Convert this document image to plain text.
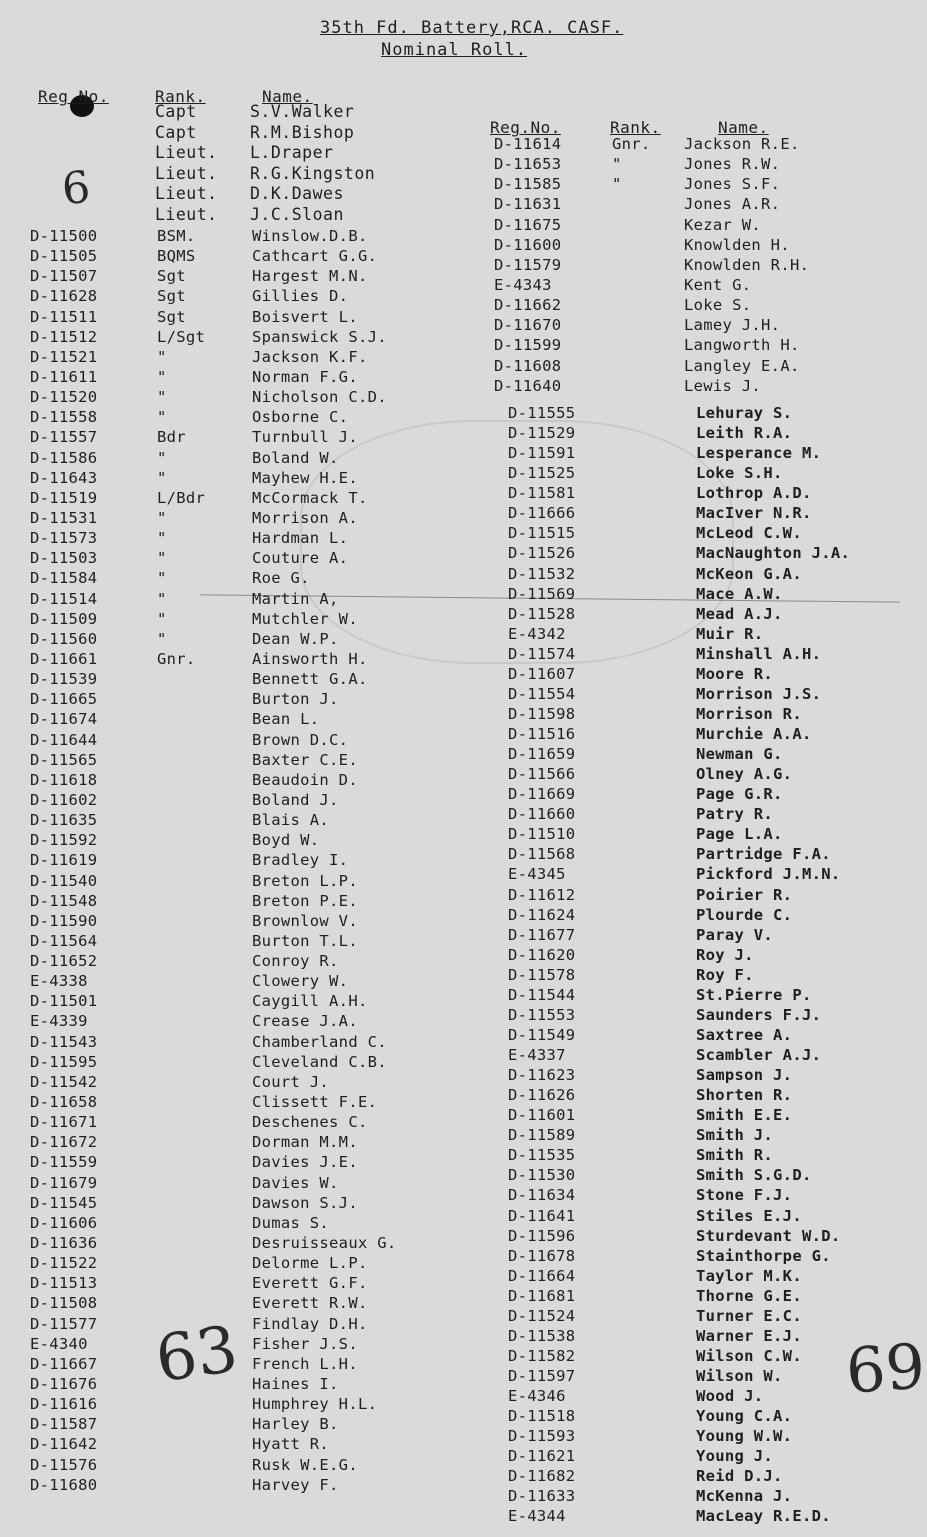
35th Fd. Battery,RCA. CASF.
Nominal Roll.
Reg.No.	Rank.	Name.
Reg.No.	Rank.	Name.
6
63	69
Capt	S.V.Walker
Capt	R.M.Bishop
Lieut. L.Draper
Lieut. R.G.Kingston
Lieut. D.K.Dawes
Lieut. J.C.Sloan
D-11500	BSM.	Winslow.D.B.
D-11505	BQMS	Cathcart G.G.
D-11507	Sgt	Hargest M.N.
D-11628	Sgt	Gillies D.
D-11511	Sgt	Boisvert L.
D-11512	L/Sgt	Spanswick S.J.
D-11521	"	Jackson K.F.
D-11611	"	Norman F.G.
D-11520	"	Nicholson C.D.
D-11558	"	Osborne C.
D-11557	Bdr	Turnbull J.
D-11586	"	Boland W.
D-11643	"	Mayhew H.E.
D-11519	L/Bdr	McCormack T.
D-11531	"	Morrison A.
D-11573	"	Hardman L.
D-11503	"	Couture A.
D-11584	"	Roe G.
D-11514	"	Martin A,
D-11509	"	Mutchler W.
D-11560	"	Dean W.P.
D-11661	Gnr.	Ainsworth H.
D-11539	Bennett G.A.
D-11665	Burton J.
D-11674	Bean L.
D-11644	Brown D.C.
D-11565	Baxter C.E.
D-11618	Beaudoin D.
D-11602	Boland J.
D-11635	Blais A.
D-11592	Boyd W.
D-11619	Bradley I.
D-11540	Breton L.P.
D-11548	Breton P.E.
D-11590	Brownlow V.
D-11564	Burton T.L.
D-11652	Conroy R.
E-4338	Clowery W.
D-11501	Caygill A.H.
E-4339	Crease J.A.
D-11543	Chamberland C.
D-11595	Cleveland C.B.
D-11542	Court J.
D-11658	Clissett F.E.
D-11671	Deschenes C.
D-11672	Dorman M.M.
D-11559	Davies J.E.
D-11679	Davies W.
D-11545	Dawson S.J.
D-11606	Dumas S.
D-11636	Desruisseaux G.
D-11522	Delorme L.P.
D-11513	Everett G.F.
D-11508	Everett R.W.
D-11577	Findlay D.H.
E-4340	Fisher J.S.
D-11667	French L.H.
D-11676	Haines I.
D-11616	Humphrey H.L.
D-11587	Harley B.
D-11642	Hyatt R.
D-11576	Rusk W.E.G.
D-11680	Harvey F.
D-11614	Gnr. Jackson R.E.
D-11653	"	Jones R.W.
D-11585	"	Jones S.F.
D-11631	Jones A.R.
D-11675	Kezar W.
D-11600	Knowlden H.
D-11579	Knowlden R.H.
E-4343	Kent G.
D-11662	Loke S.
D-11670	Lamey J.H.
D-11599	Langworth H.
D-11608	Langley E.A.
D-11640	Lewis J.
D-11555	Lehuray S.
D-11529	Leith R.A.
D-11591	Lesperance M.
D-11525	Loke S.H.
D-11581	Lothrop A.D.
D-11666	MacIver N.R.
D-11515	McLeod C.W.
D-11526	MacNaughton J.A.
D-11532	McKeon G.A.
D-11569	Mace A.W.
D-11528	Mead A.J.
E-4342	Muir R.
D-11574	Minshall A.H.
D-11607	Moore R.
D-11554	Morrison J.S.
D-11598	Morrison R.
D-11516	Murchie A.A.
D-11659	Newman G.
D-11566	Olney A.G.
D-11669	Page G.R.
D-11660	Patry R.
D-11510	Page L.A.
D-11568	Partridge F.A.
E-4345	Pickford J.M.N.
D-11612	Poirier R.
D-11624	Plourde C.
D-11677	Paray V.
D-11620	Roy J.
D-11578	Roy F.
D-11544	St.Pierre P.
D-11553	Saunders F.J.
D-11549	Saxtree A.
E-4337	Scambler A.J.
D-11623	Sampson J.
D-11626	Shorten R.
D-11601	Smith E.E.
D-11589	Smith J.
D-11535	Smith R.
D-11530	Smith S.G.D.
D-11634	Stone F.J.
D-11641	Stiles E.J.
D-11596	Sturdevant W.D.
D-11678	Stainthorpe G.
D-11664	Taylor M.K.
D-11681	Thorne G.E.
D-11524	Turner E.C.
D-11538	Warner E.J.
D-11582	Wilson C.W.
D-11597	Wilson W.
E-4346	Wood J.
D-11518	Young C.A.
D-11593	Young W.W.
D-11621	Young J.
D-11682	Reid D.J.
D-11633	McKenna J.
E-4344	MacLeay R.E.D.
